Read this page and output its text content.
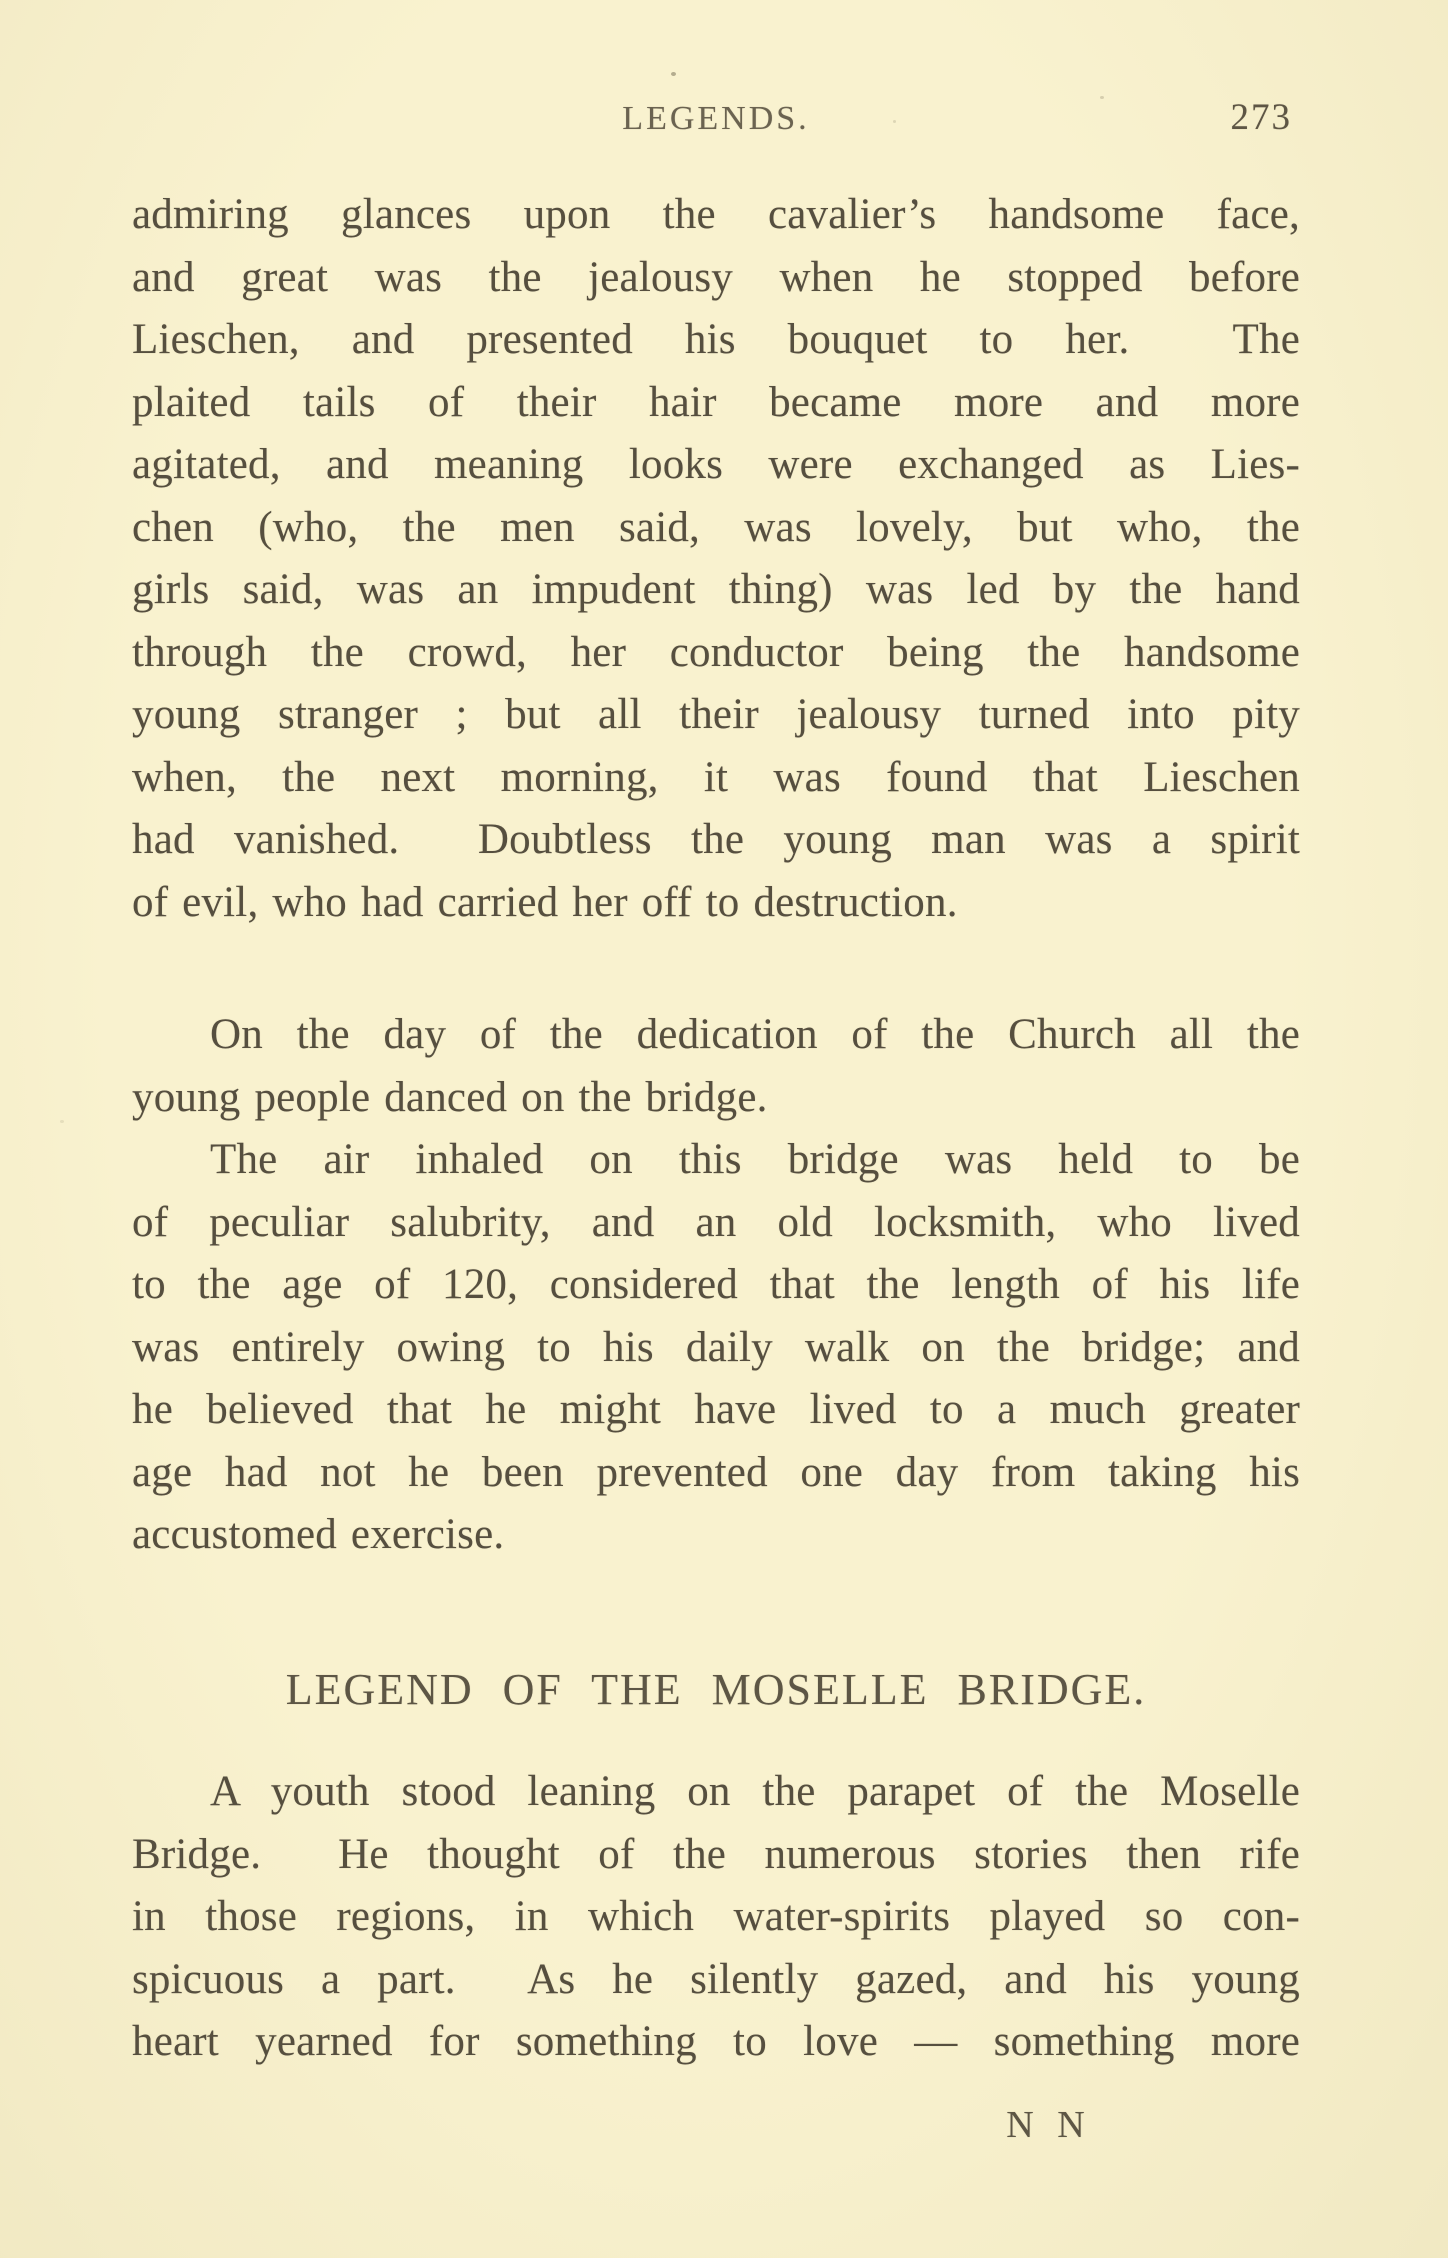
LEGENDS.	273
admiring glances upon the cavalier’s handsome face,
and great was the jealousy when he stopped before
Lieschen, and presented his bouquet to her.  The
plaited tails of their hair became more and more
agitated, and meaning looks were exchanged as Lies-
chen (who, the men said, was lovely, but who, the
girls said, was an impudent thing) was led by the hand
through the crowd, her conductor being the handsome
young stranger ; but all their jealousy turned into pity
when, the next morning, it was found that Lieschen
had vanished.  Doubtless the young man was a spirit
of evil, who had carried her off to destruction.
On the day of the dedication of the Church all the
young people danced on the bridge.
The air inhaled on this bridge was held to be
of peculiar salubrity, and an old locksmith, who lived
to the age of 120, considered that the length of his life
was entirely owing to his daily walk on the bridge; and
he believed that he might have lived to a much greater
age had not he been prevented one day from taking his
accustomed exercise.
LEGEND OF THE MOSELLE BRIDGE.
A youth stood leaning on the parapet of the Moselle
Bridge.  He thought of the numerous stories then rife
in those regions, in which water-spirits played so con-
spicuous a part.  As he silently gazed, and his young
heart yearned for something to love — something more
N N
